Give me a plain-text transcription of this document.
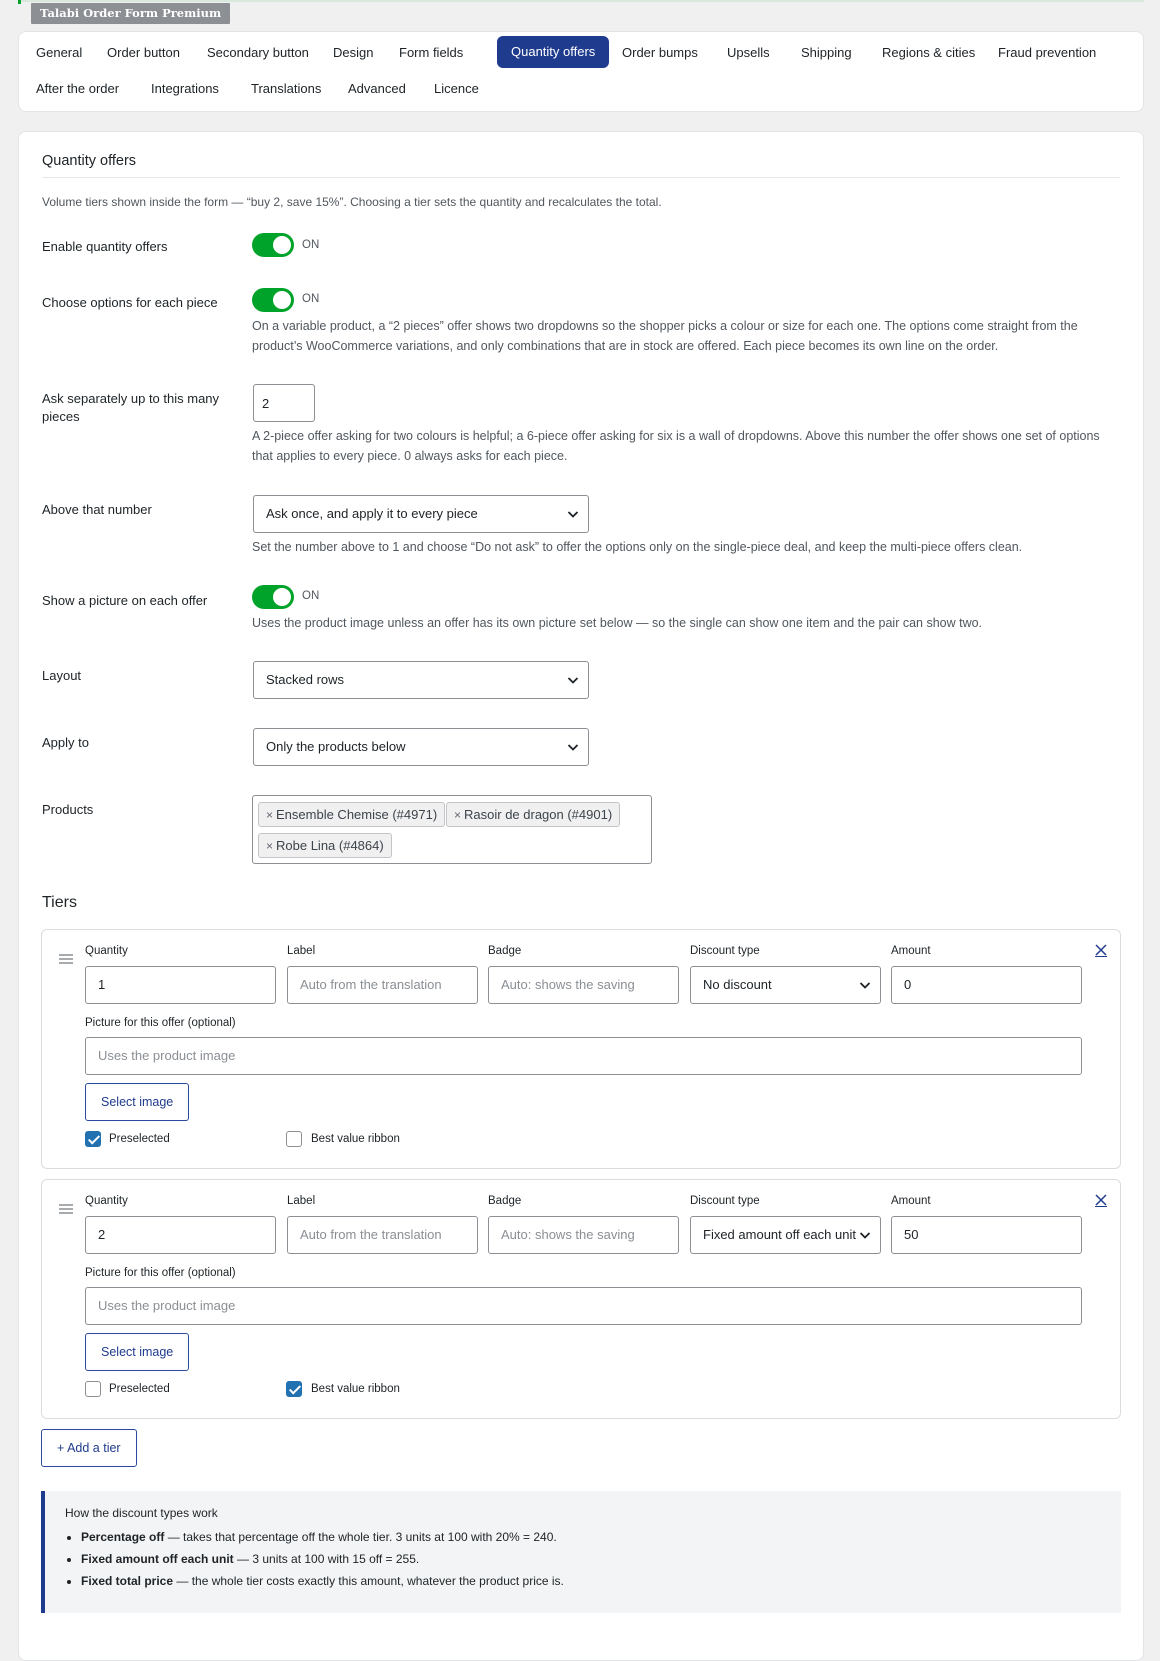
Talabi Order Form Premium
General	Order button	Secondary button	Design	Form fields	Quantity offers	Order bumps	Upsells	Shipping	Regions & cities	Fraud prevention
After the order	Integrations	Translations	Advanced	Licence
Quantity offers
Volume tiers shown inside the form — “buy 2, save 15%”. Choosing a tier sets the quantity and recalculates the total.
Enable quantity offers	ON
Choose options for each piece	ON
On a variable product, a “2 pieces” offer shows two dropdowns so the shopper picks a colour or size for each one. The options come straight from the product’s WooCommerce variations, and only combinations that are in stock are offered. Each piece becomes its own line on the order.
Ask separately up to this many pieces
2
A 2-piece offer asking for two colours is helpful; a 6-piece offer asking for six is a wall of dropdowns. Above this number the offer shows one set of options that applies to every piece. 0 always asks for each piece.
Above that number	Ask once, and apply it to every piece
Set the number above to 1 and choose “Do not ask” to offer the options only on the single-piece deal, and keep the multi-piece offers clean.
Show a picture on each offer	ON
Uses the product image unless an offer has its own picture set below — so the single can show one item and the pair can show two.
Layout	Stacked rows
Apply to	Only the products below
Products	× Ensemble Chemise (#4971)	× Rasoir de dragon (#4901)
× Robe Lina (#4864)
Tiers
Quantity	Label	Badge	Discount type	Amount
1	Auto from the translation	Auto: shows the saving	No discount	0
Picture for this offer (optional)
Uses the product image
Select image
Preselected	Best value ribbon
Quantity	Label	Badge	Discount type	Amount
2	Auto from the translation	Auto: shows the saving	Fixed amount off each unit	50
Picture for this offer (optional)
Uses the product image
Select image
Preselected	Best value ribbon
+ Add a tier
How the discount types work
• Percentage off — takes that percentage off the whole tier. 3 units at 100 with 20% = 240.
• Fixed amount off each unit — 3 units at 100 with 15 off = 255.
• Fixed total price — the whole tier costs exactly this amount, whatever the product price is.
